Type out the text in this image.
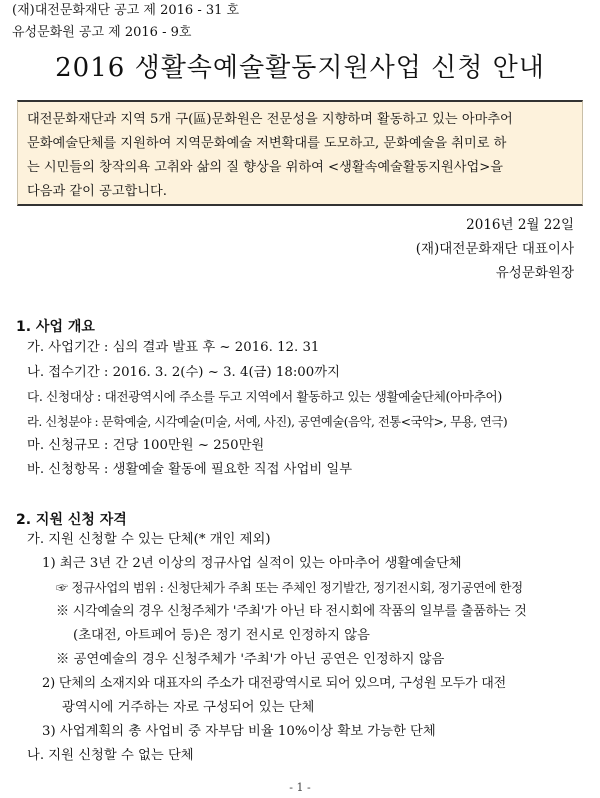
(재)대전문화재단 공고 제 2016 - 31 호
유성문화원 공고 제 2016 - 9호
2016 생활속예술활동지원사업 신청 안내
대전문화재단과 지역 5개 구(區)문화원은 전문성을 지향하며 활동하고 있는 아마추어
문화예술단체를 지원하여 지역문화예술 저변확대를 도모하고, 문화예술을 취미로 하
는 시민들의 창작의욕 고취와 삶의 질 향상을 위하여 <생활속예술활동지원사업>을
다음과 같이 공고합니다.
2016년 2월 22일
(재)대전문화재단 대표이사
유성문화원장
1. 사업 개요
가. 사업기간 : 심의 결과 발표 후 ~ 2016. 12. 31
나. 접수기간 : 2016. 3. 2(수) ~ 3. 4(금) 18:00까지
다. 신청대상 : 대전광역시에 주소를 두고 지역에서 활동하고 있는 생활예술단체(아마추어)
라. 신청분야 : 문학예술, 시각예술(미술, 서예, 사진), 공연예술(음악, 전통<국악>, 무용, 연극)
마. 신청규모 : 건당 100만원 ~ 250만원
바. 신청항목 : 생활예술 활동에 필요한 직접 사업비 일부
2. 지원 신청 자격
가. 지원 신청할 수 있는 단체(* 개인 제외)
1) 최근 3년 간 2년 이상의 정규사업 실적이 있는 아마추어 생활예술단체
☞ 정규사업의 범위 : 신청단체가 주최 또는 주체인 정기발간, 정기전시회, 정기공연에 한정
※ 시각예술의 경우 신청주체가 '주최'가 아닌 타 전시회에 작품의 일부를 출품하는 것
(초대전, 아트페어 등)은 정기 전시로 인정하지 않음
※ 공연예술의 경우 신청주체가 '주최'가 아닌 공연은 인정하지 않음
2) 단체의 소재지와 대표자의 주소가 대전광역시로 되어 있으며, 구성원 모두가 대전
광역시에 거주하는 자로 구성되어 있는 단체
3) 사업계획의 총 사업비 중 자부담 비율 10%이상 확보 가능한 단체
나. 지원 신청할 수 없는 단체
- 1 -
